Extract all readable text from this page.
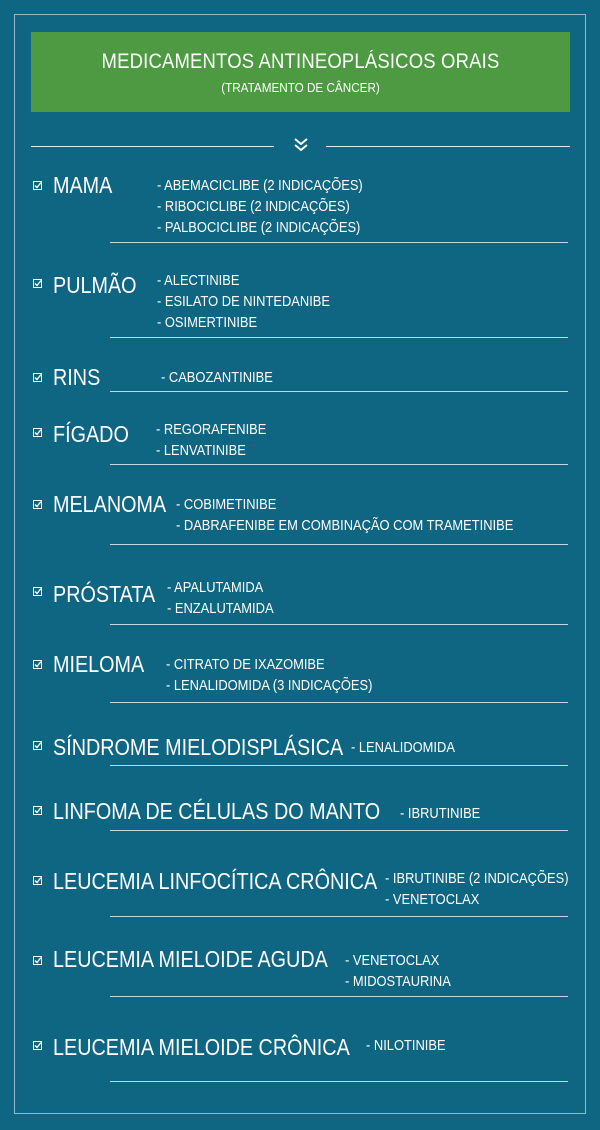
MEDICAMENTOS ANTINEOPLÁSICOS ORAIS
(TRATAMENTO DE CÂNCER)
MAMA	- ABEMACICLIBE (2 INDICAÇÕES)
- RIBOCICLIBE (2 INDICAÇÕES)
- PALBOCICLIBE (2 INDICAÇÕES)
PULMÃO - ALECTINIBE
- ESILATO DE NINTEDANIBE
- OSIMERTINIBE
RINS	- CABOZANTINIBE
FÍGADO - REGORAFENIBE
- LENVATINIBE
MELANOMA - COBIMETINIBE
- DABRAFENIBE EM COMBINAÇÃO COM TRAMETINIBE
PRÓSTATA - APALUTAMIDA
- ENZALUTAMIDA
MIELOMA - CITRATO DE IXAZOMIBE
- LENALIDOMIDA (3 INDICAÇÕES)
SÍNDROME MIELODISPLÁSICA - LENALIDOMIDA
LINFOMA DE CÉLULAS DO MANTO - IBRUTINIBE
LEUCEMIA LINFOCÍTICA CRÔNICA - IBRUTINIBE (2 INDICAÇÕES)
- VENETOCLAX
LEUCEMIA MIELOIDE AGUDA - VENETOCLAX
- MIDOSTAURINA
LEUCEMIA MIELOIDE CRÔNICA - NILOTINIBE
